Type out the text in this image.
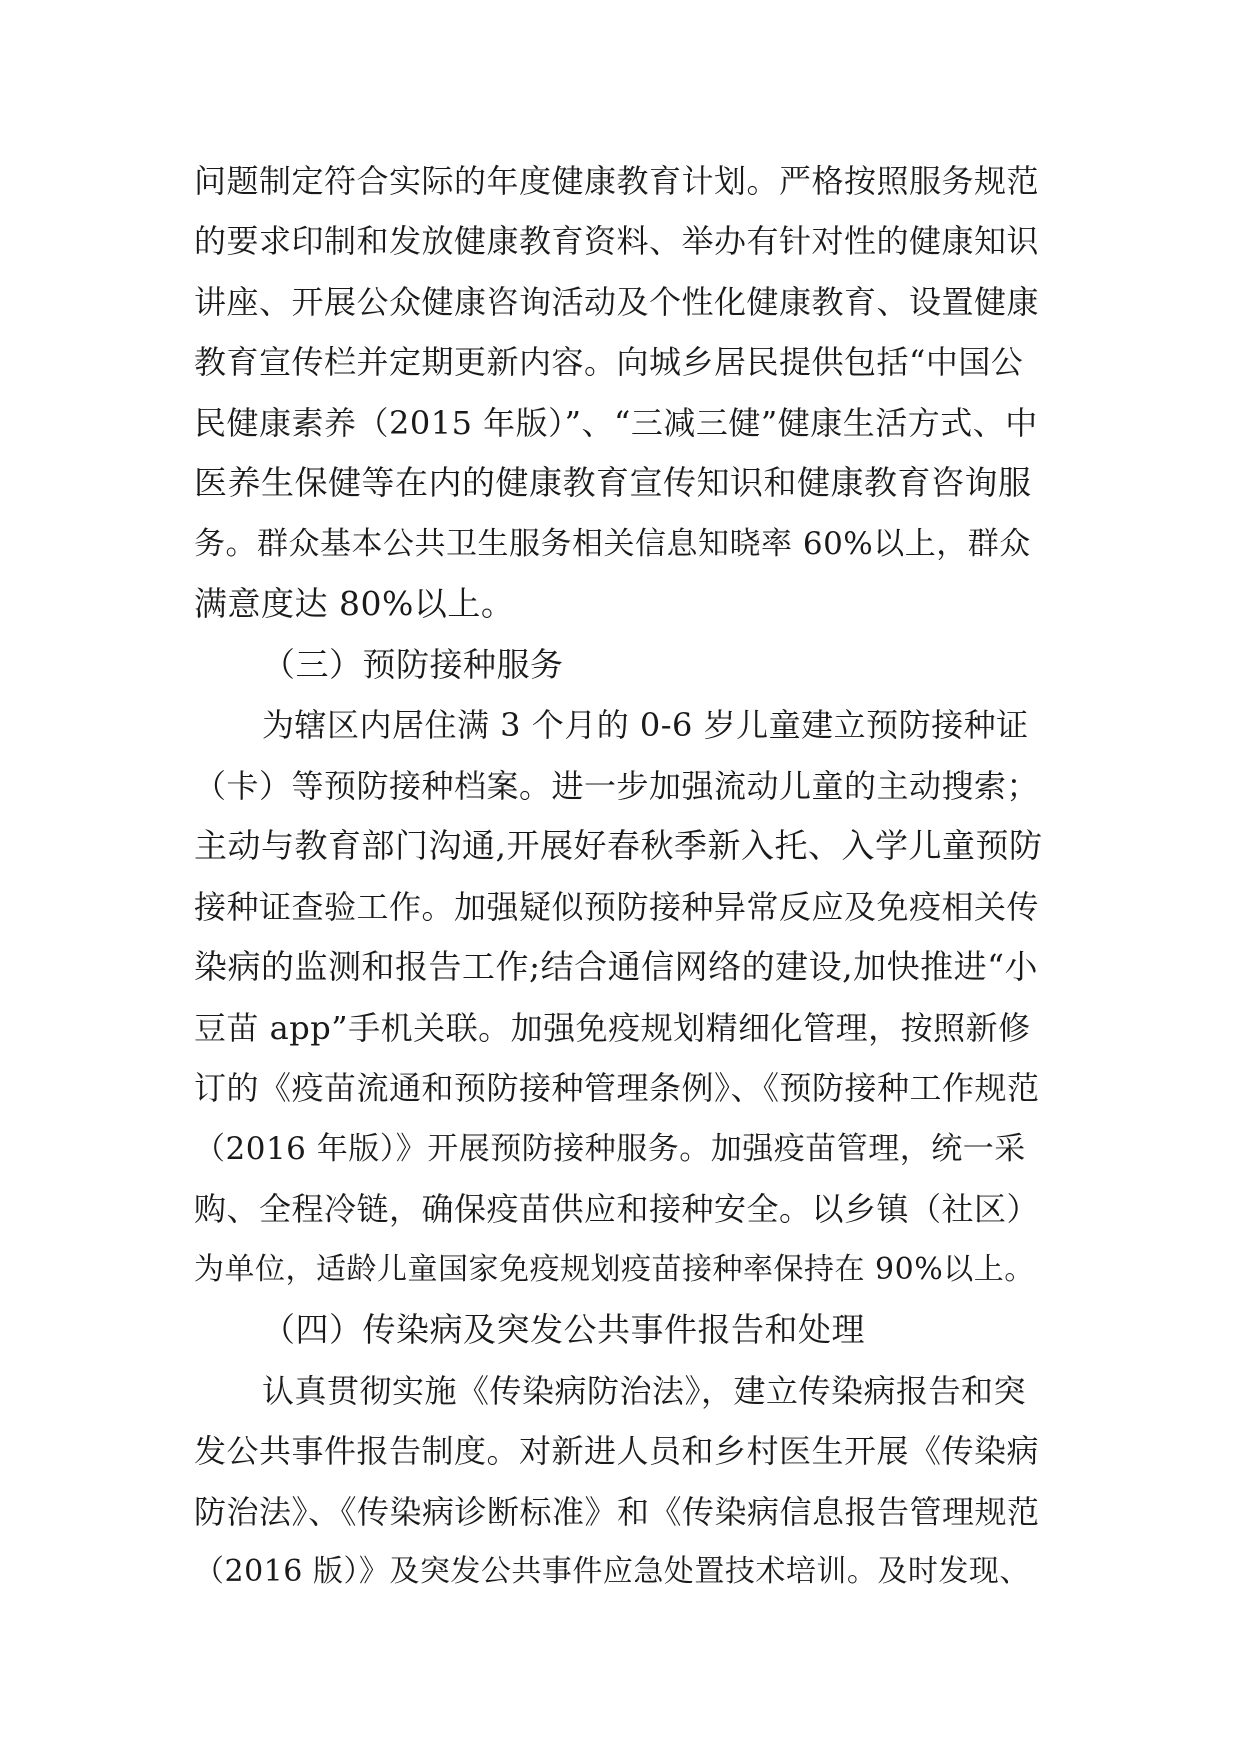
问题制定符合实际的年度健康教育计划。严格按照服务规范
的要求印制和发放健康教育资料、举办有针对性的健康知识
讲座、开展公众健康咨询活动及个性化健康教育、设置健康
教育宣传栏并定期更新内容。向城乡居民提供包括“中国公
民健康素养（2015 年版）”、“三减三健”健康生活方式、中
医养生保健等在内的健康教育宣传知识和健康教育咨询服
务。群众基本公共卫生服务相关信息知晓率 60%以上，群众
满意度达 80%以上。
（三）预防接种服务
为辖区内居住满 3 个月的 0-6 岁儿童建立预防接种证
（卡）等预防接种档案。进一步加强流动儿童的主动搜索；
主动与教育部门沟通,开展好春秋季新入托、入学儿童预防
接种证查验工作。加强疑似预防接种异常反应及免疫相关传
染病的监测和报告工作;结合通信网络的建设,加快推进“小
豆苗 app”手机关联。加强免疫规划精细化管理，按照新修
订的《疫苗流通和预防接种管理条例》、《预防接种工作规范
（2016 年版）》开展预防接种服务。加强疫苗管理，统一采
购、全程冷链，确保疫苗供应和接种安全。以乡镇（社区）
为单位，适龄儿童国家免疫规划疫苗接种率保持在 90%以上。
（四）传染病及突发公共事件报告和处理
认真贯彻实施《传染病防治法》，建立传染病报告和突
发公共事件报告制度。对新进人员和乡村医生开展《传染病
防治法》、《传染病诊断标准》和《传染病信息报告管理规范
（2016 版）》及突发公共事件应急处置技术培训。及时发现、
